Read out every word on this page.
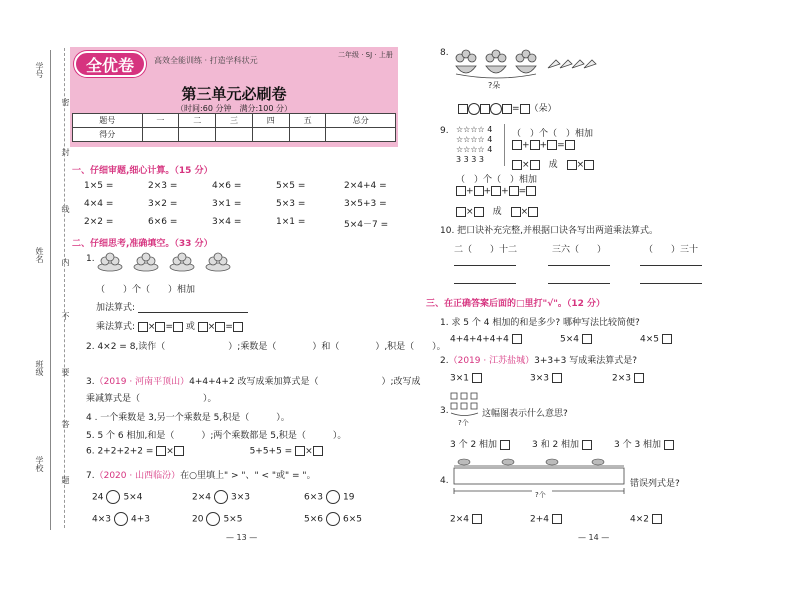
学号
姓名
班级
学校
密
封
线
内
不
要
答
题
全优卷	高效全能训练 · 打造学科状元
第三单元必刷卷
（时间:60 分钟　满分:100 分）
二年级 · SJ · 上册
题号	一	二	三	四	五	总分
得分						
一、仔细审题,细心计算。（15 分）
1×5 =	2×3 =	4×6 =	5×5 =	2×4+4 =
4×4 =	3×2 =	3×1 =	5×3 =	3×5+3 =
2×2 =	6×6 =	3×4 =	1×1 =	5×4－7 =
二、仔细思考,准确填空。（33 分）
1.
（　　）个（　　）相加
加法算式:
乘法算式: × = 或 × =
2. 4×2 = 8,读作（　　　　　　　）;乘数是（　　　　）和（　　　　）,积是（　　）。
3.（2019 · 河南平顶山）4+4+4+2 改写成乘加算式是（　　　　　　　）;改写成
乘减算式是（　　　　　　　）。
4 . 一个乘数是 3,另一个乘数是 5,积是（　　　）。
5. 5 个 6 相加,和是（　　　）;两个乘数都是 5,积是（　　　）。
6. 2+2+2+2 = ×	5+5+5 = ×
7.（2020 · 山西临汾）在○里填上" > "、" < "或" = "。
24 5×4	2×4 3×3	6×3 19
4×3 4+3	20 5×5	5×6 6×5
— 13 —	— 14 —
8.
?朵
= （朵）
9. ☆☆☆☆ 4
☆☆☆☆ 4
☆☆☆☆ 4
3 3 3 3
（　）个（　）相加
+ + =
×　 成　 ×
（　）个（　）相加
+ + + =
×　 成　 ×
10. 把口诀补充完整,并根据口诀各写出两道乘法算式。
二（　　）十二	三六（　　）	（　　）三十
三、在正确答案后面的□里打"√"。（12 分）
1. 求 5 个 4 相加的和是多少? 哪种写法比较简便?
4+4+4+4+4	5×4	4×5
2.（2019 · 江苏盐城）3+3+3 写成乘法算式是?
3×1	3×3	2×3
3.	这幅图表示什么意思?
?个
3 个 2 相加	3 和 2 相加	3 个 3 相加
4.	错误列式是?
?个
2×4	2+4	4×2
